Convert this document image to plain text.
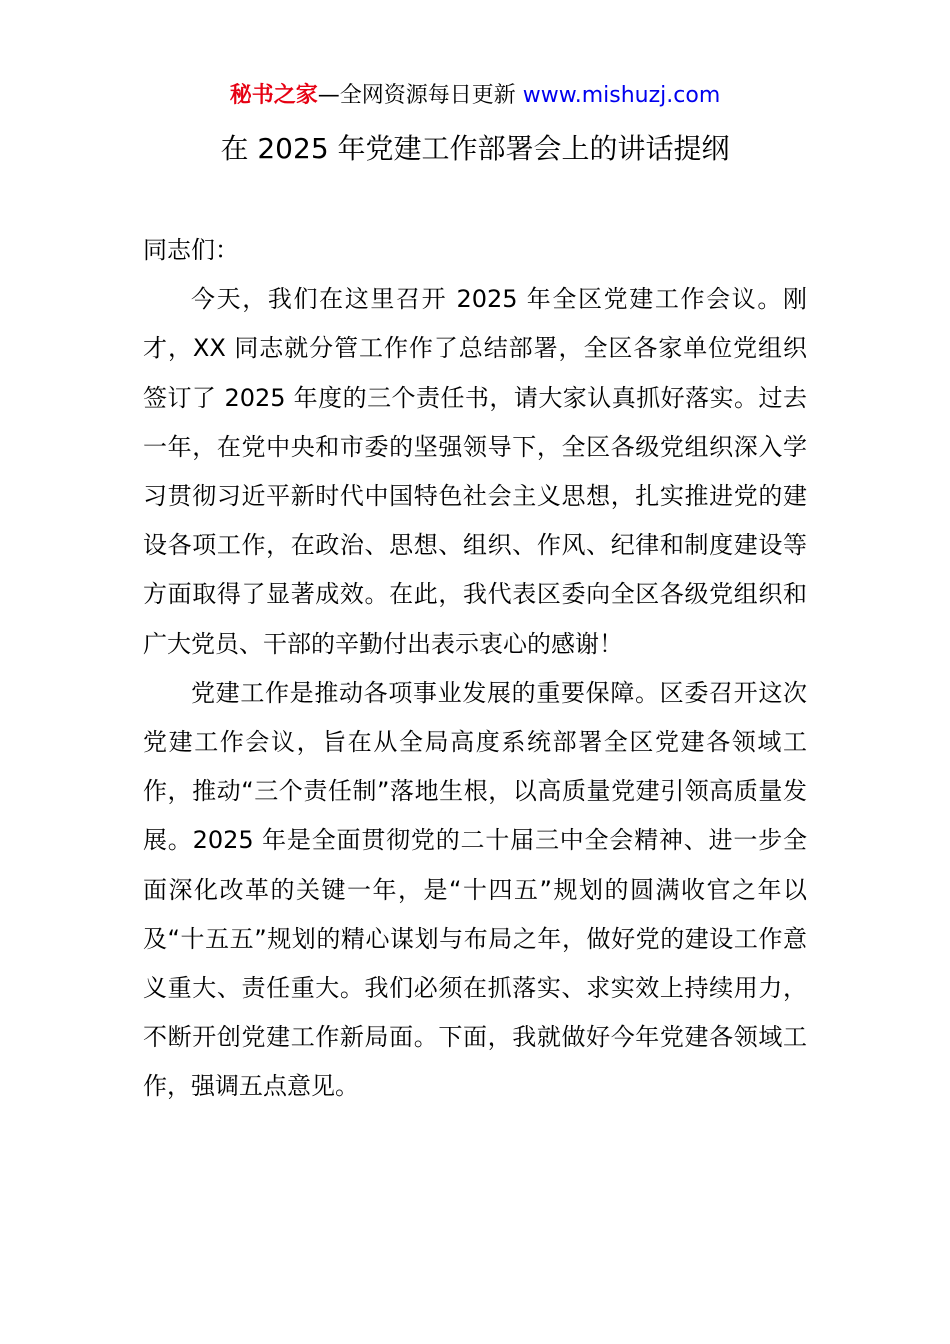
秘书之家—全网资源每日更新 www.mishuzj.com
在 2025 年党建工作部署会上的讲话提纲

同志们：

今天，我们在这里召开 2025 年全区党建工作会议。刚才，XX 同志就分管工作作了总结部署，全区各家单位党组织签订了 2025 年度的三个责任书，请大家认真抓好落实。过去一年，在党中央和市委的坚强领导下，全区各级党组织深入学习贯彻习近平新时代中国特色社会主义思想，扎实推进党的建设各项工作，在政治、思想、组织、作风、纪律和制度建设等方面取得了显著成效。在此，我代表区委向全区各级党组织和广大党员、干部的辛勤付出表示衷心的感谢！

党建工作是推动各项事业发展的重要保障。区委召开这次党建工作会议，旨在从全局高度系统部署全区党建各领域工作，推动“三个责任制”落地生根，以高质量党建引领高质量发展。2025 年是全面贯彻党的二十届三中全会精神、进一步全面深化改革的关键一年，是“十四五”规划的圆满收官之年以及“十五五”规划的精心谋划与布局之年，做好党的建设工作意义重大、责任重大。我们必须在抓落实、求实效上持续用力，不断开创党建工作新局面。下面，我就做好今年党建各领域工作，强调五点意见。
